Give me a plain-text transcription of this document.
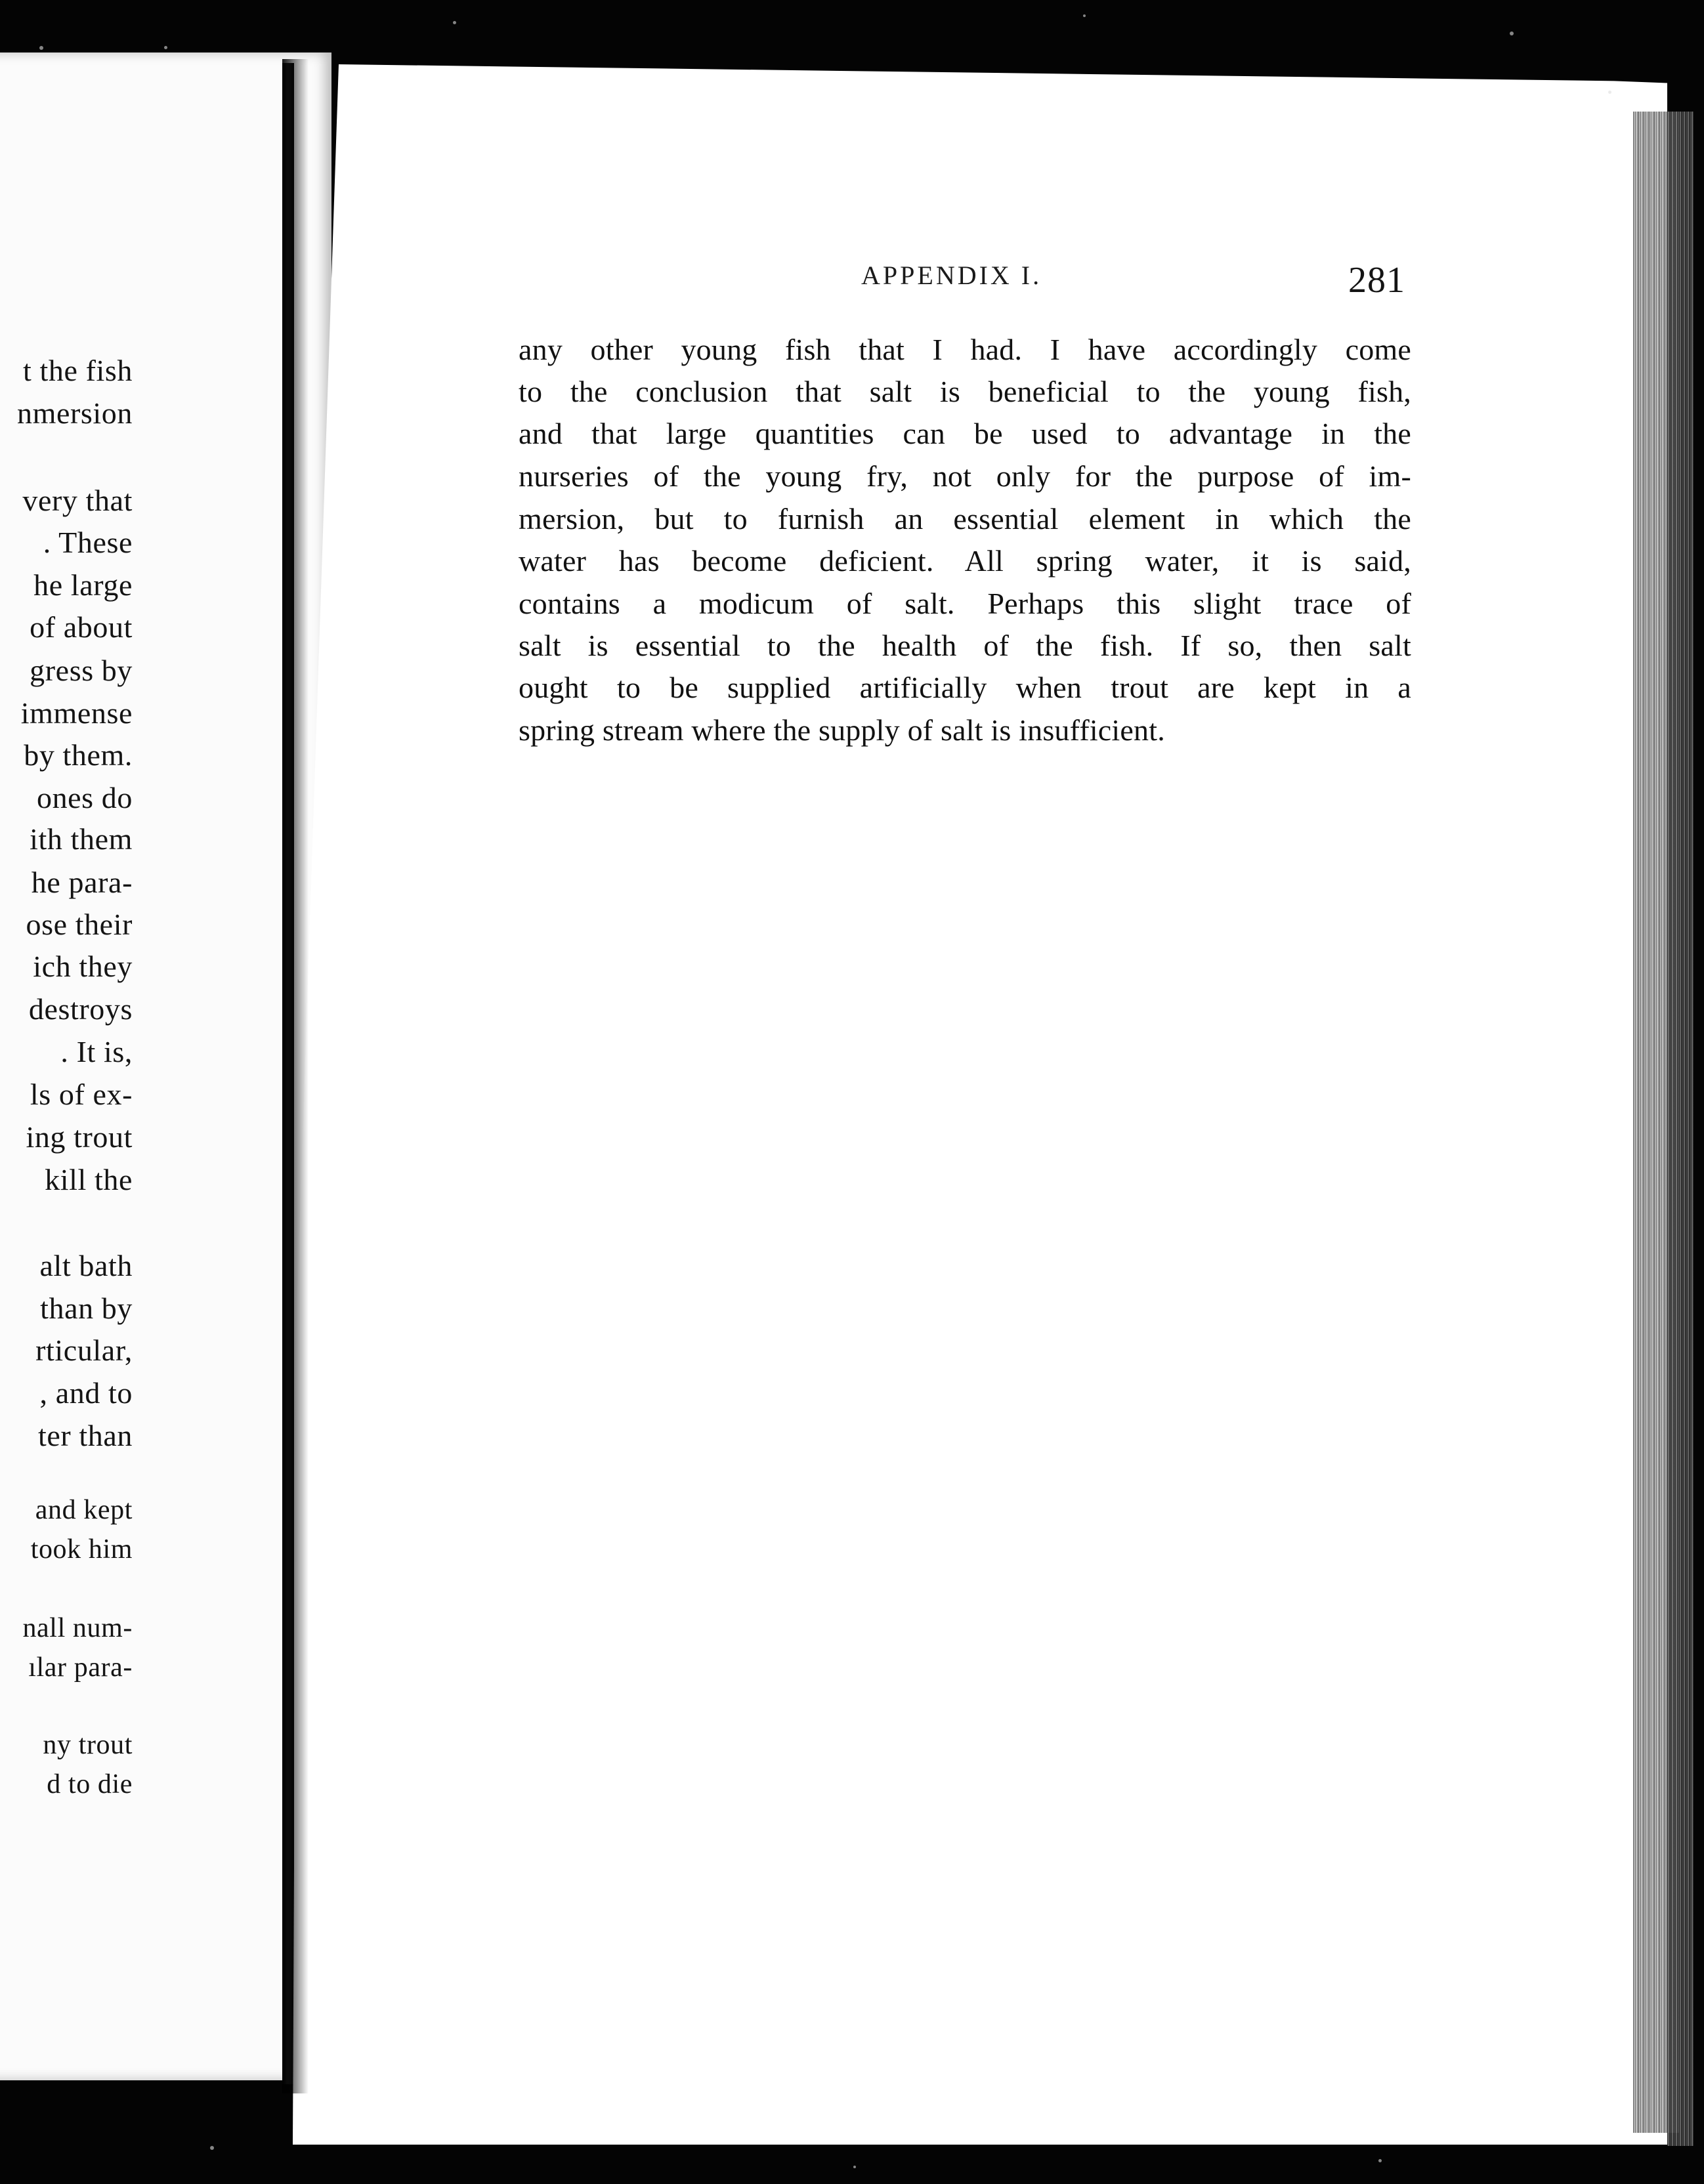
t the fish
nmersion
very that
. These
he large
of about
gress by
immense
by them.
ones do
ith them
he para-
ose their
ich they
destroys
. It is,
ls of ex-
ing trout
kill the
alt bath
than by
rticular,
, and to
ter than
and kept
took him
nall num-
ılar para-
ny trout
d to die
APPENDIX I.	281
any other young fish that I had. I have accordingly come
to the conclusion that salt is beneficial to the young fish,
and that large quantities can be used to advantage in the
nurseries of the young fry, not only for the purpose of im-
mersion, but to furnish an essential element in which the
water has become deficient. All spring water, it is said,
contains a modicum of salt. Perhaps this slight trace of
salt is essential to the health of the fish. If so, then salt
ought to be supplied artificially when trout are kept in a
spring stream where the supply of salt is insufficient.
